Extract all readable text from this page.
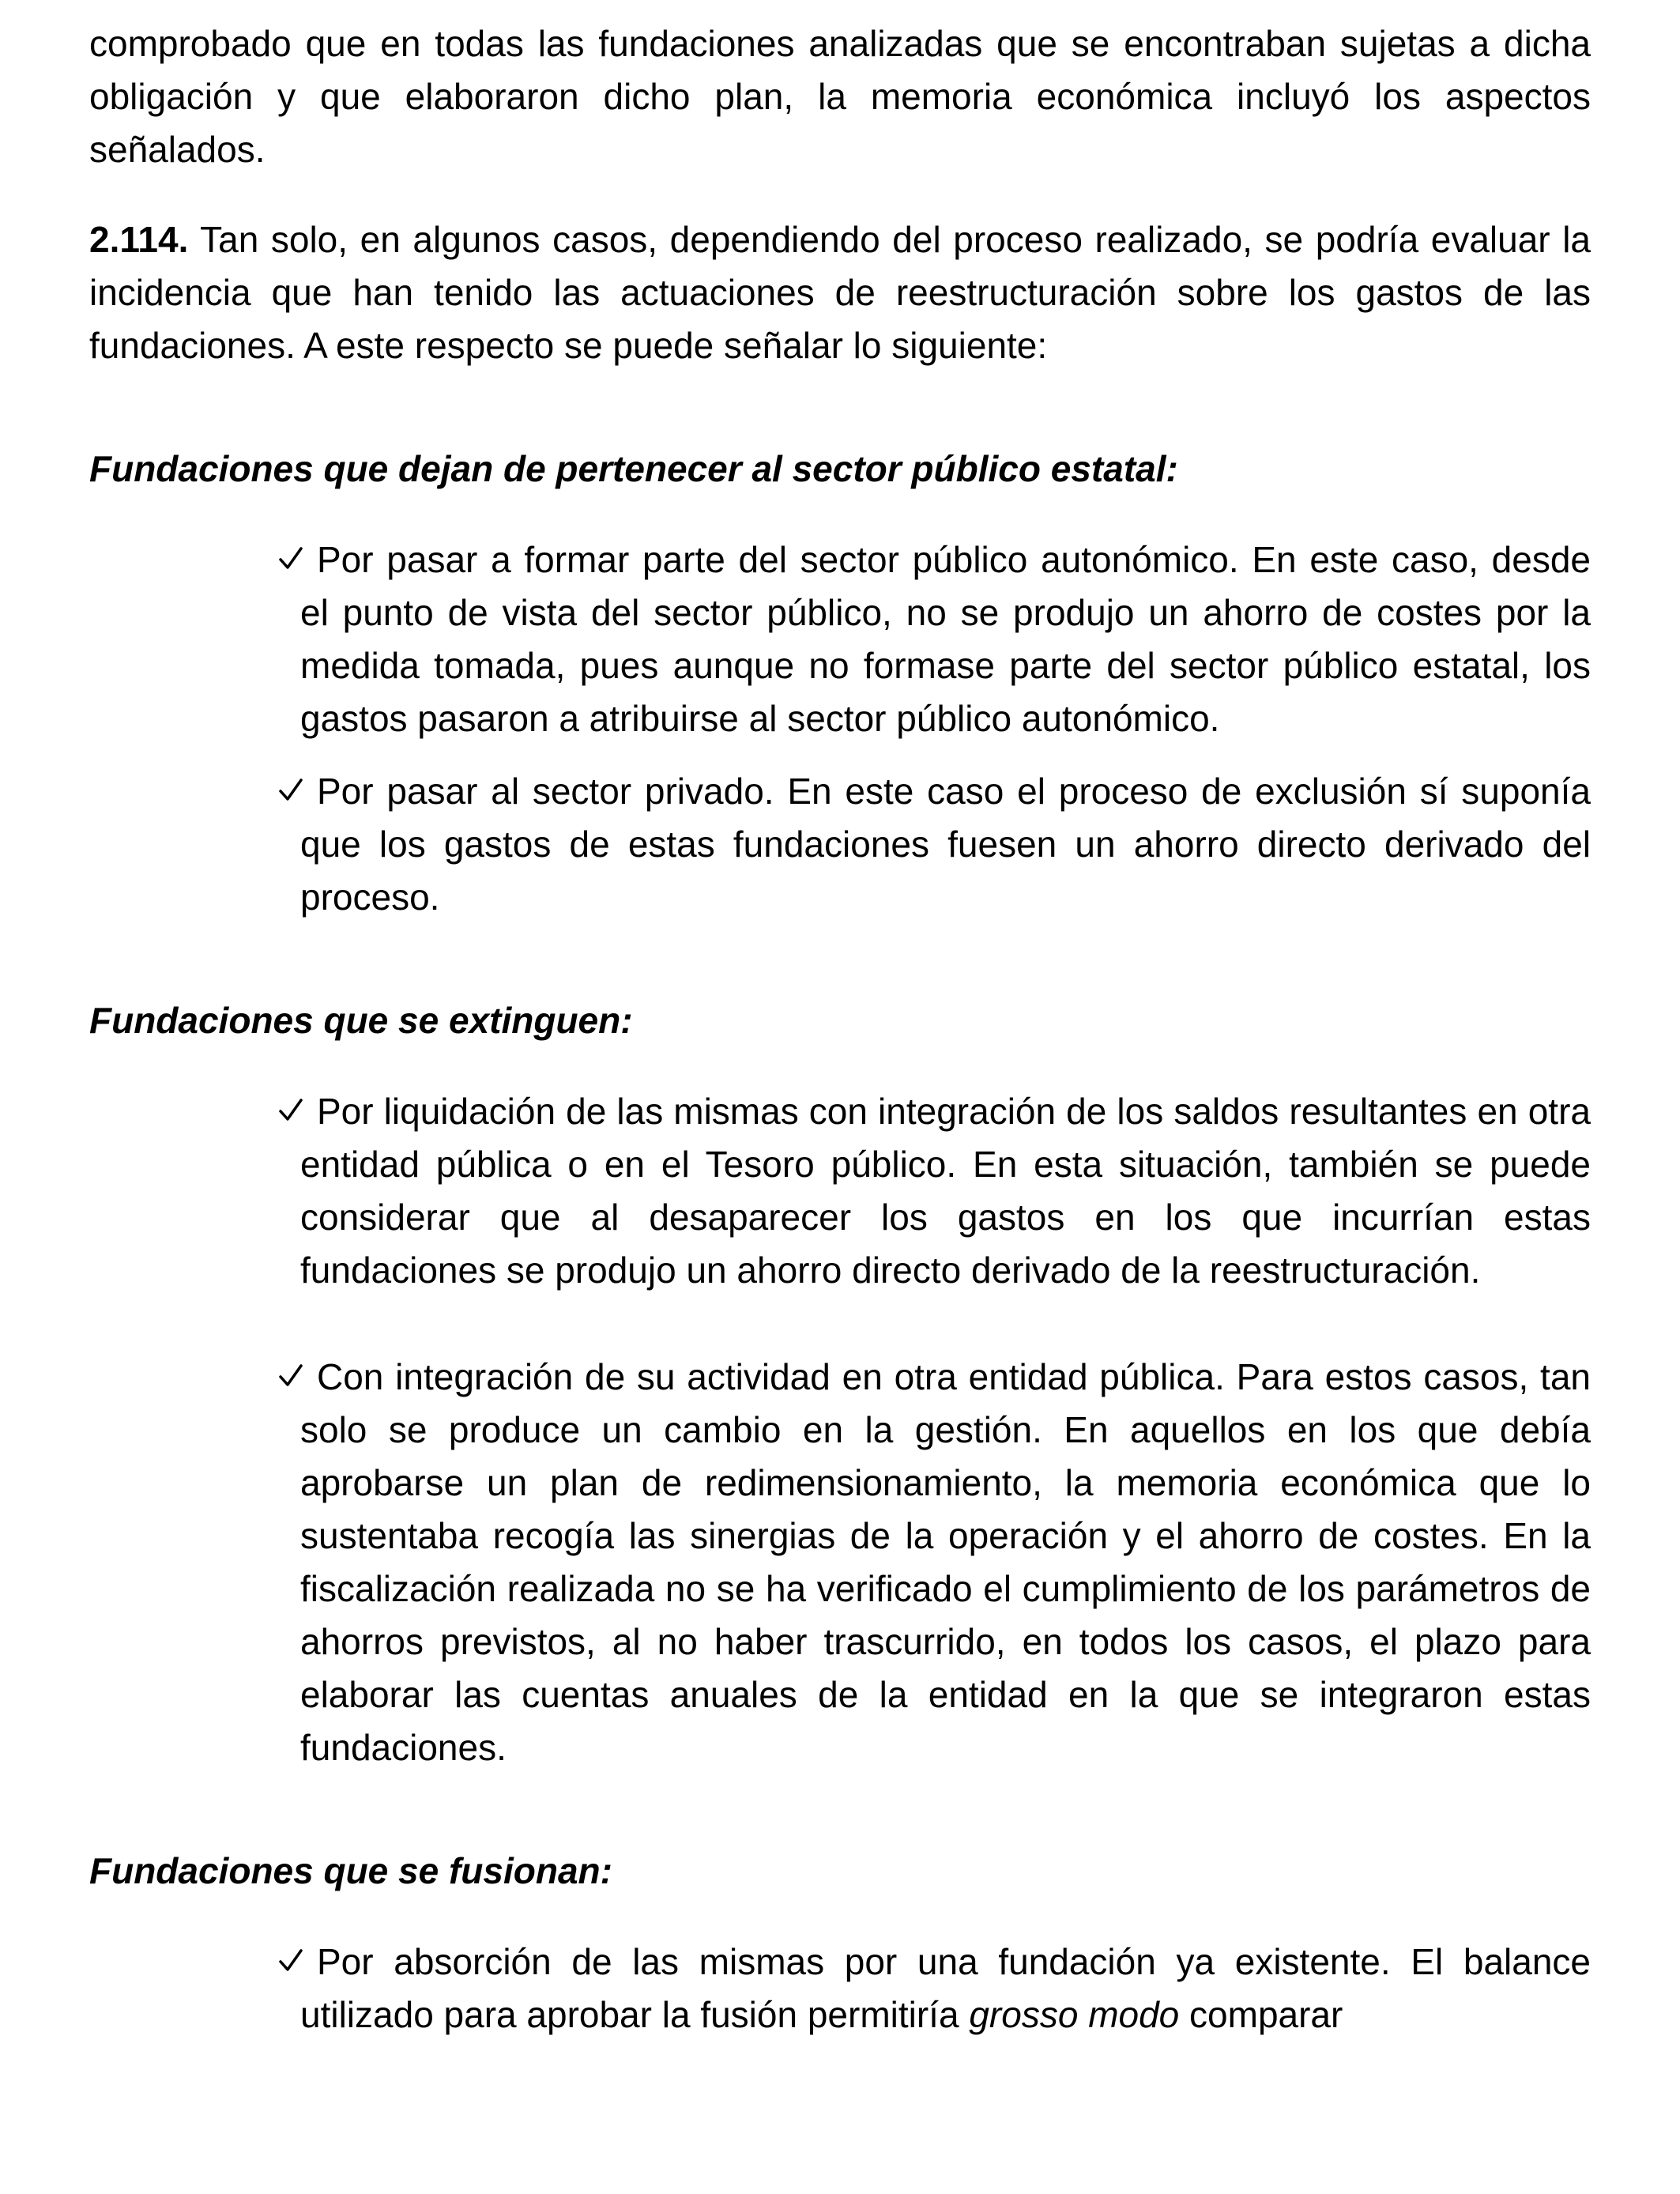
comprobado que en todas las fundaciones analizadas que se encontraban sujetas a dicha obligación y que elaboraron dicho plan, la memoria económica incluyó los aspectos señalados.

2.114. Tan solo, en algunos casos, dependiendo del proceso realizado, se podría evaluar la incidencia que han tenido las actuaciones de reestructuración sobre los gastos de las fundaciones. A este respecto se puede señalar lo siguiente:

Fundaciones que dejan de pertenecer al sector público estatal:
Por pasar a formar parte del sector público autonómico. En este caso, desde el punto de vista del sector público, no se produjo un ahorro de costes por la medida tomada, pues aunque no formase parte del sector público estatal, los gastos pasaron a atribuirse al sector público autonómico.
Por pasar al sector privado. En este caso el proceso de exclusión sí suponía que los gastos de estas fundaciones fuesen un ahorro directo derivado del proceso.
Fundaciones que se extinguen:
Por liquidación de las mismas con integración de los saldos resultantes en otra entidad pública o en el Tesoro público. En esta situación, también se puede considerar que al desaparecer los gastos en los que incurrían estas fundaciones se produjo un ahorro directo derivado de la reestructuración.
Con integración de su actividad en otra entidad pública. Para estos casos, tan solo se produce un cambio en la gestión. En aquellos en los que debía aprobarse un plan de redimensionamiento, la memoria económica que lo sustentaba recogía las sinergias de la operación y el ahorro de costes. En la fiscalización realizada no se ha verificado el cumplimiento de los parámetros de ahorros previstos, al no haber trascurrido, en todos los casos, el plazo para elaborar las cuentas anuales de la entidad en la que se integraron estas fundaciones.
Fundaciones que se fusionan:
Por absorción de las mismas por una fundación ya existente. El balance utilizado para aprobar la fusión permitiría grosso modo comparar
